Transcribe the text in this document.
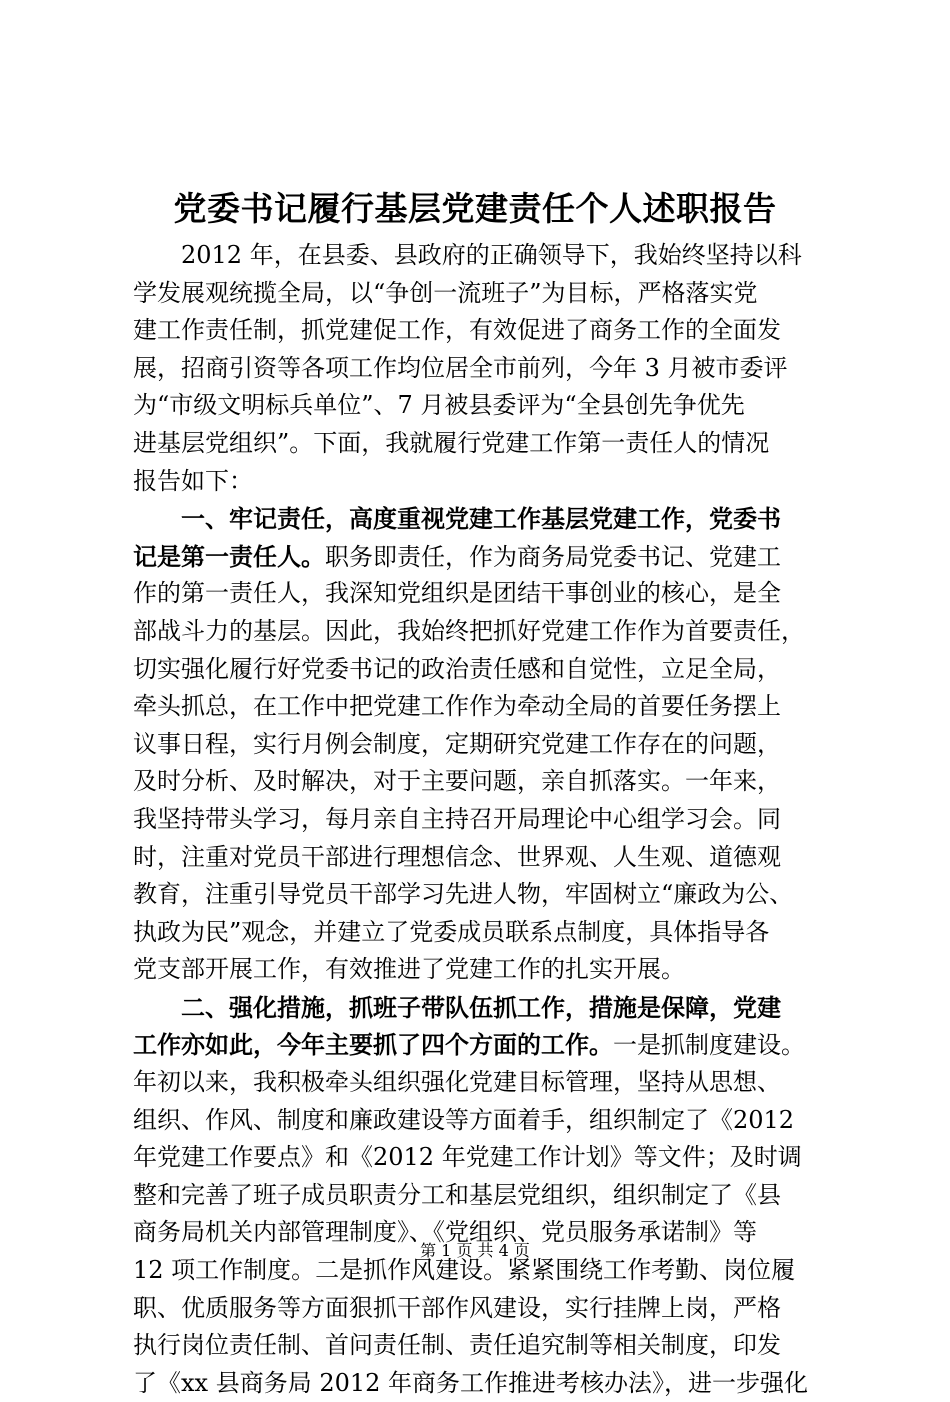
党委书记履行基层党建责任个人述职报告
　　2012 年，在县委、县政府的正确领导下，我始终坚持以科
学发展观统揽全局，以“争创一流班子”为目标，严格落实党
建工作责任制，抓党建促工作，有效促进了商务工作的全面发
展，招商引资等各项工作均位居全市前列，今年 3 月被市委评
为“市级文明标兵单位”、7 月被县委评为“全县创先争优先
进基层党组织”。下面，我就履行党建工作第一责任人的情况
报告如下：
　　一、牢记责任，高度重视党建工作基层党建工作，党委书
记是第一责任人。职务即责任，作为商务局党委书记、党建工
作的第一责任人，我深知党组织是团结干事创业的核心，是全
部战斗力的基层。因此，我始终把抓好党建工作作为首要责任，
切实强化履行好党委书记的政治责任感和自觉性，立足全局，
牵头抓总，在工作中把党建工作作为牵动全局的首要任务摆上
议事日程，实行月例会制度，定期研究党建工作存在的问题，
及时分析、及时解决，对于主要问题，亲自抓落实。一年来，
我坚持带头学习，每月亲自主持召开局理论中心组学习会。同
时，注重对党员干部进行理想信念、世界观、人生观、道德观
教育，注重引导党员干部学习先进人物，牢固树立“廉政为公、
执政为民”观念，并建立了党委成员联系点制度，具体指导各
党支部开展工作，有效推进了党建工作的扎实开展。
　　二、强化措施，抓班子带队伍抓工作，措施是保障，党建
工作亦如此，今年主要抓了四个方面的工作。一是抓制度建设。
年初以来，我积极牵头组织强化党建目标管理，坚持从思想、
组织、作风、制度和廉政建设等方面着手，组织制定了《2012
年党建工作要点》和《2012 年党建工作计划》等文件；及时调
整和完善了班子成员职责分工和基层党组织，组织制定了《县
商务局机关内部管理制度》、《党组织、党员服务承诺制》等
12 项工作制度。二是抓作风建设。紧紧围绕工作考勤、岗位履
职、优质服务等方面狠抓干部作风建设，实行挂牌上岗，严格
执行岗位责任制、首问责任制、责任追究制等相关制度，印发
了《xx 县商务局 2012 年商务工作推进考核办法》，进一步强化
第 1 页 共 4 页
